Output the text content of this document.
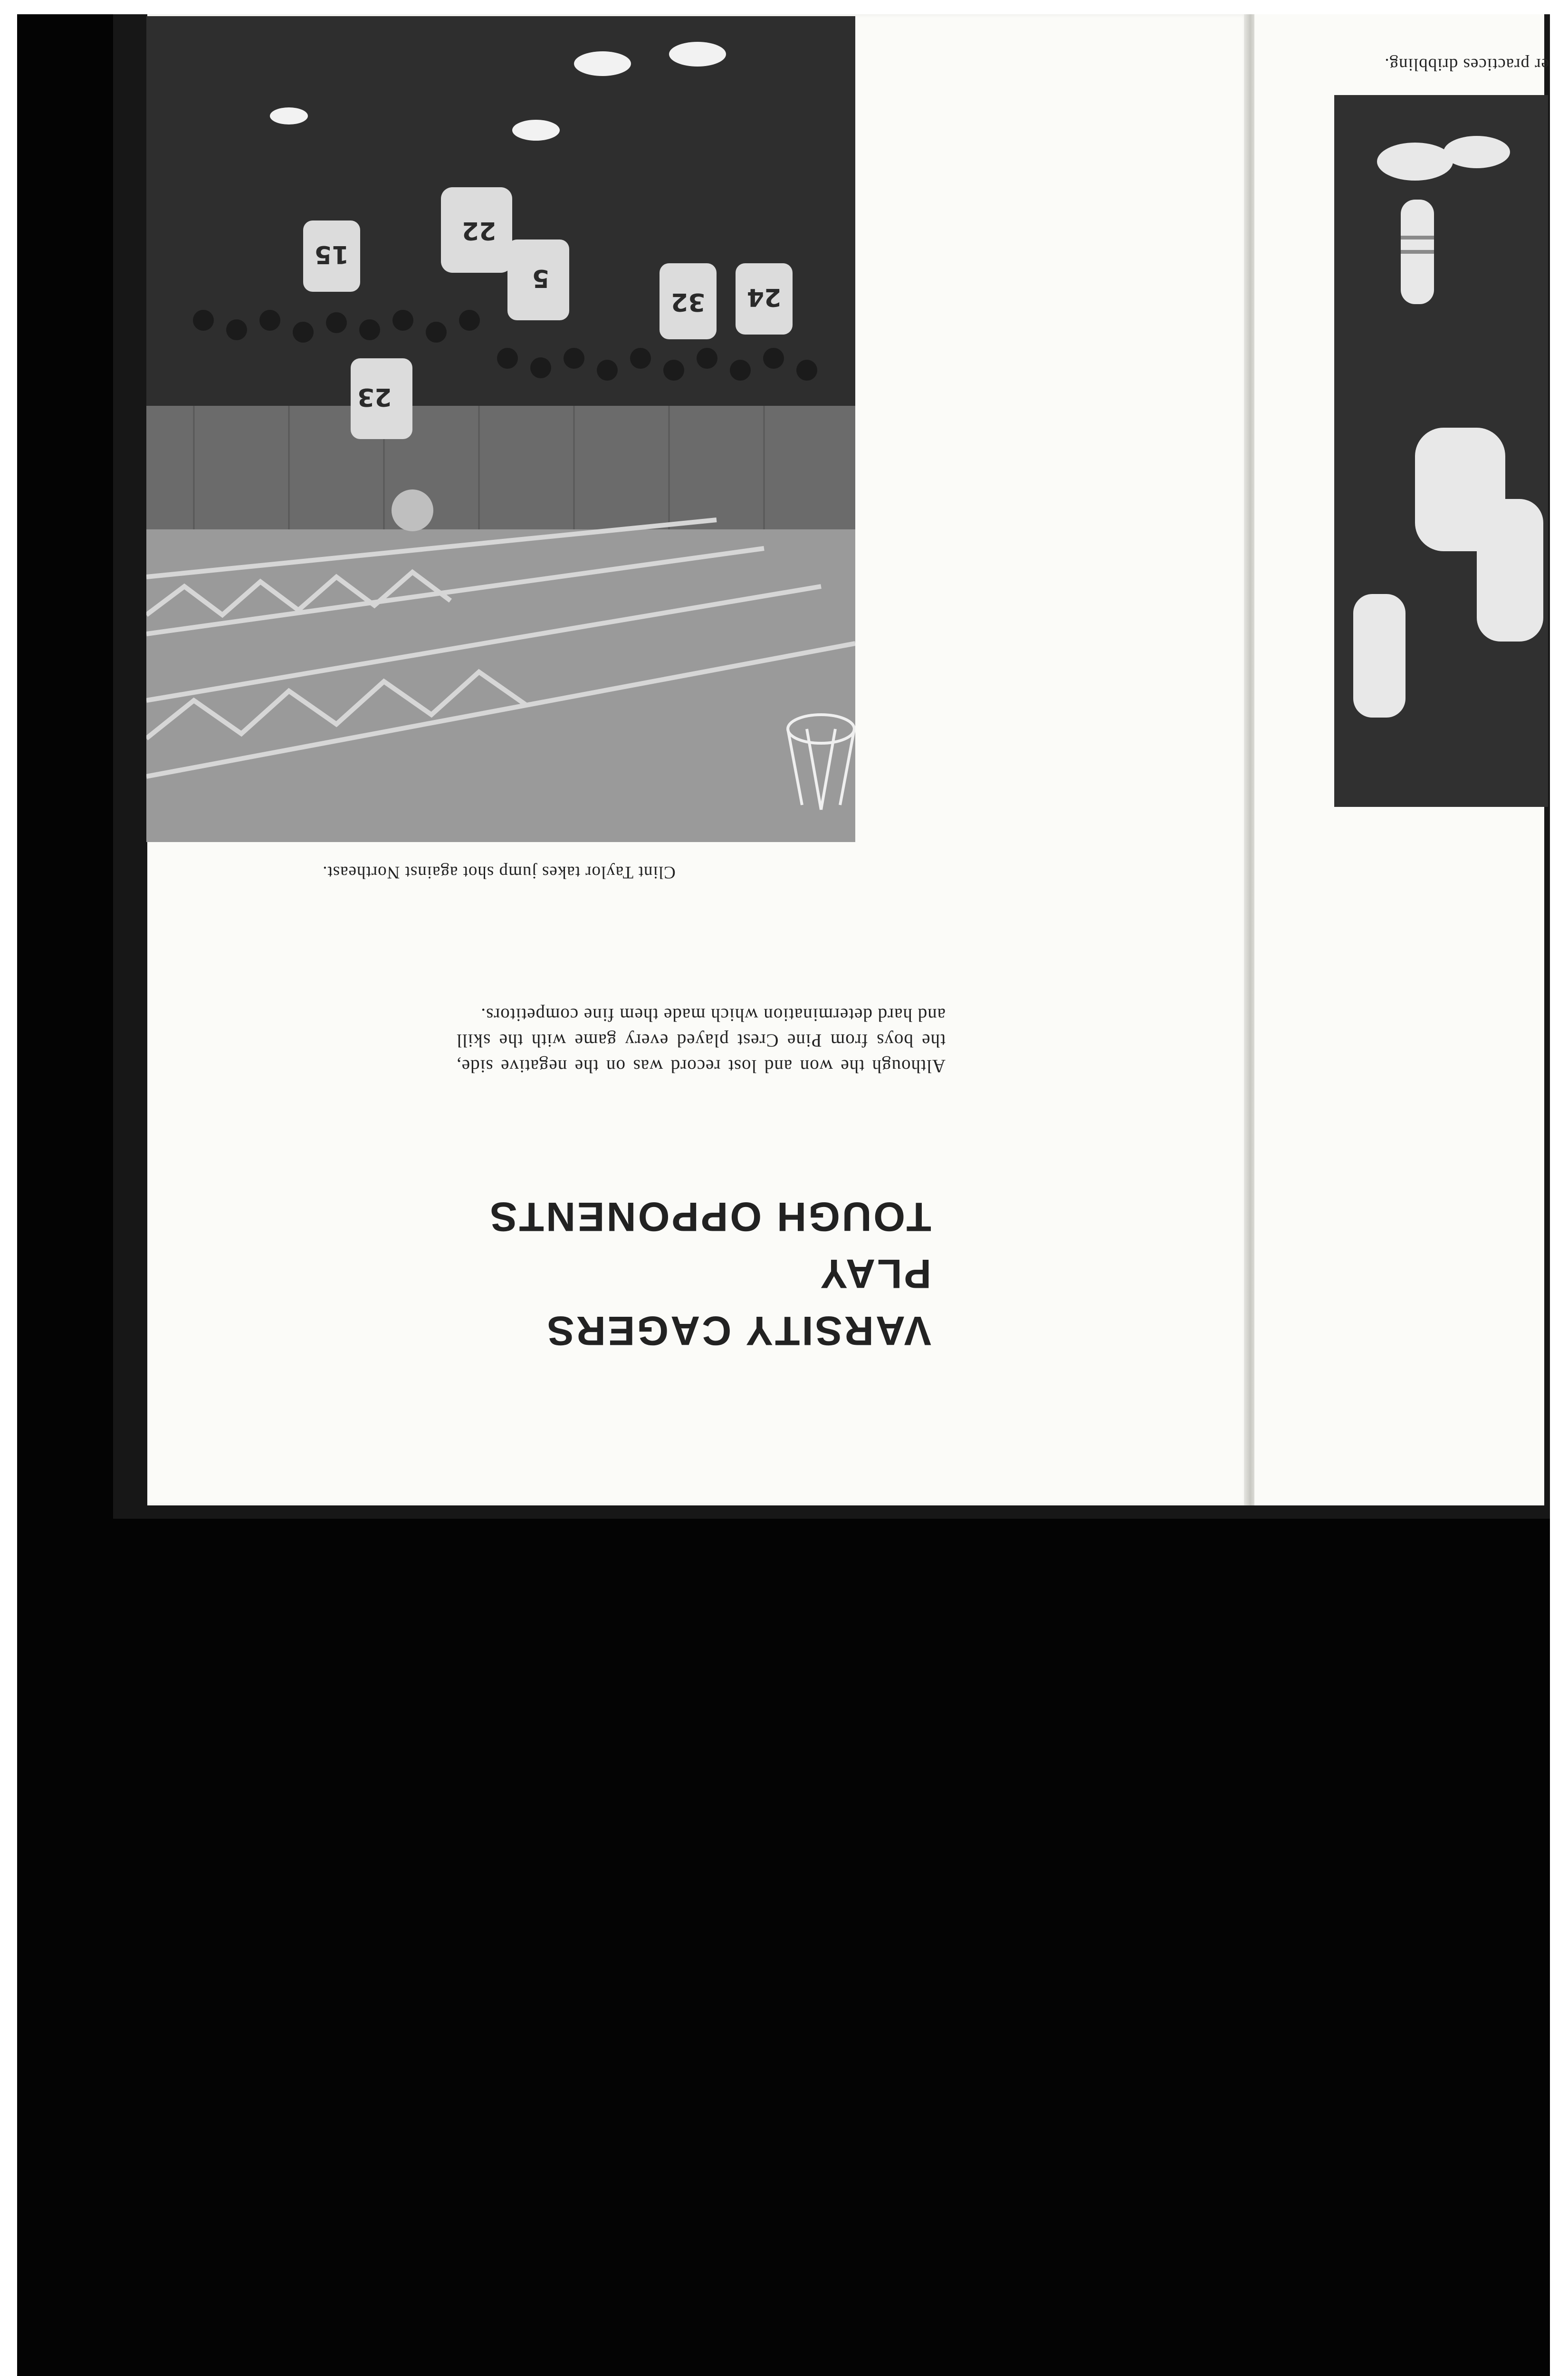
15
22
23
5
32 24
Clint Taylor takes jump shot against Northeast.
Although the won and lost record was on the negative side, the boys from Pine Crest played every game with the skill and hard determination which made them fine competitors.
VARSITY CAGERS PLAY
TOUGH OPPONENTS
er practices dribbling.
